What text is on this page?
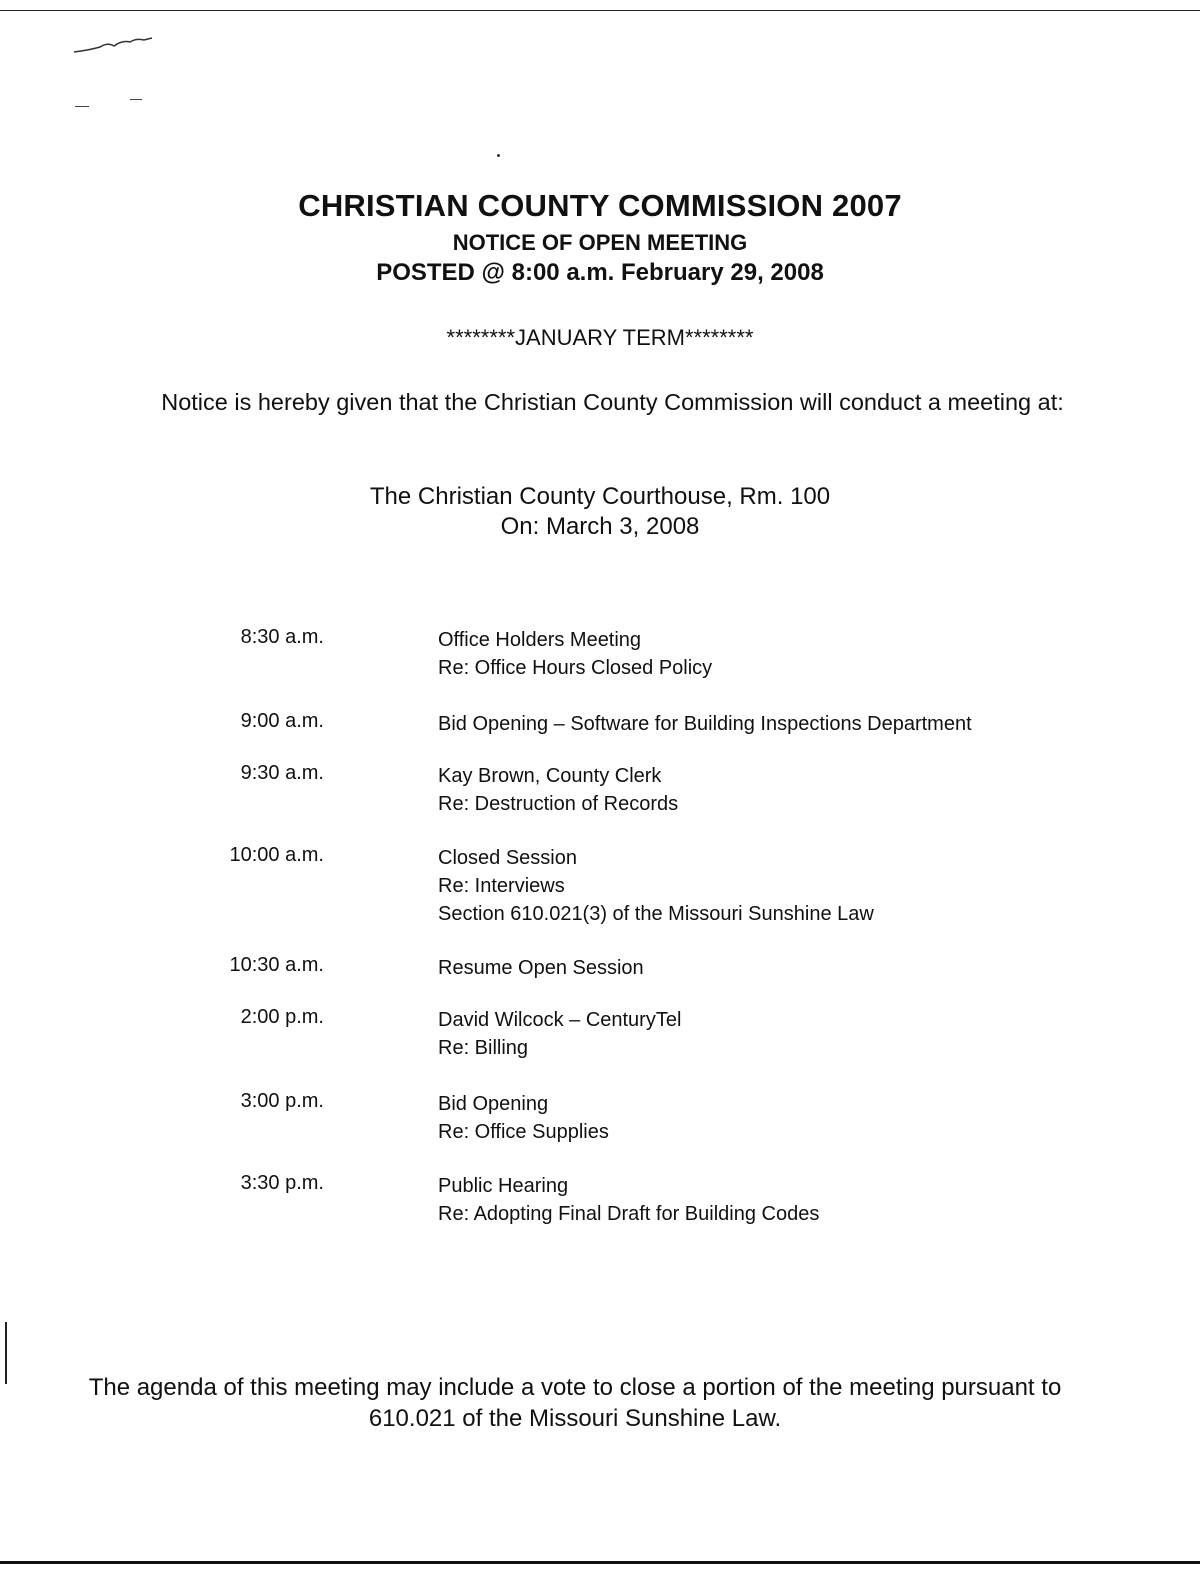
CHRISTIAN COUNTY COMMISSION 2007
NOTICE OF OPEN MEETING
POSTED @ 8:00 a.m. February 29, 2008
********JANUARY TERM********
Notice is hereby given that the Christian County Commission will conduct a meeting at:
The Christian County Courthouse, Rm. 100
On: March 3, 2008
8:30 a.m.	Office Holders Meeting
Re: Office Hours Closed Policy
9:00 a.m.	Bid Opening – Software for Building Inspections Department
9:30 a.m.	Kay Brown, County Clerk
Re: Destruction of Records
10:00 a.m.	Closed Session
Re: Interviews
Section 610.021(3) of the Missouri Sunshine Law
10:30 a.m.	Resume Open Session
2:00 p.m.	David Wilcock – CenturyTel
Re: Billing
3:00 p.m.	Bid Opening
Re: Office Supplies
3:30 p.m.	Public Hearing
Re: Adopting Final Draft for Building Codes
The agenda of this meeting may include a vote to close a portion of the meeting pursuant to 610.021 of the Missouri Sunshine Law.
